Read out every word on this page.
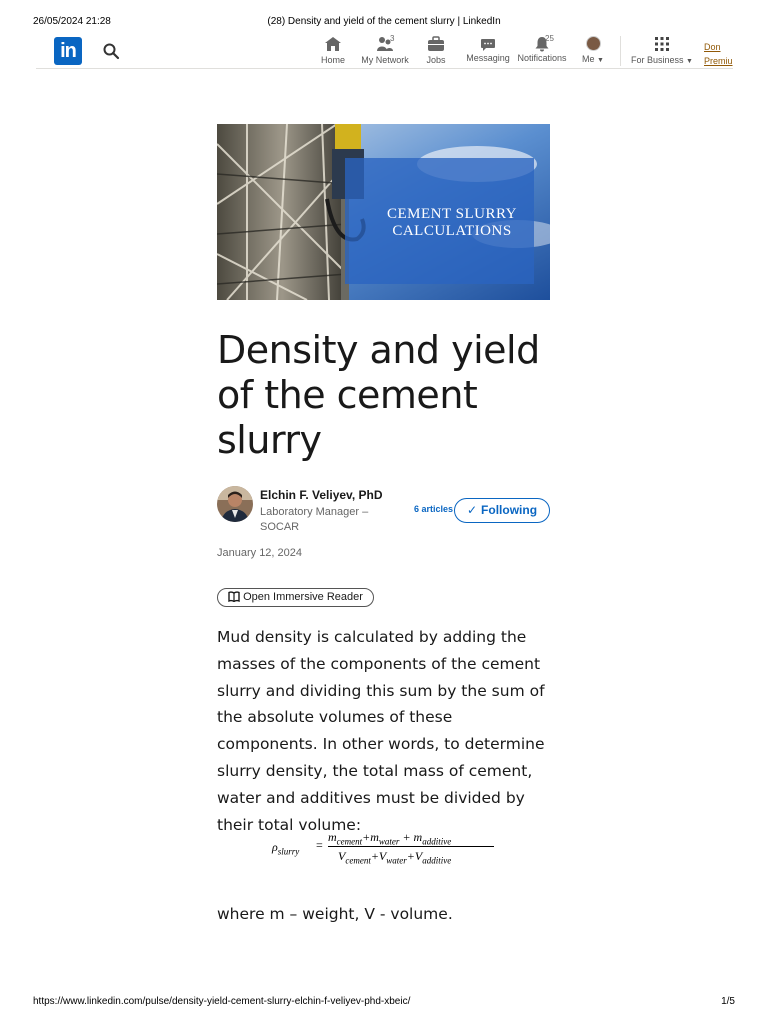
26/05/2024 21:28	(28) Density and yield of the cement slurry | LinkedIn
in	Home
3
My Network	Jobs	Messaging
25
Notifications	Me ▼	For Business ▼
Don
Premiu
CEMENT SLURRY
CALCULATIONS
Density and yield of the cement slurry
Elchin F. Veliyev, PhD
Laboratory Manager – SOCAR
6 articles	✓ Following
January 12, 2024
Open Immersive Reader

Mud density is calculated by adding the masses of the components of the cement slurry and dividing this sum by the sum of the absolute volumes of these components. In other words, to determine slurry density, the total mass of cement, water and additives must be divided by their total volume:

$\rho_{slurry}$ =
$m_{cement}+m_{water} + m_{additive}$
$V_{cement}+V_{water}+V_{additive}$

where m – weight, V - volume.

https://www.linkedin.com/pulse/density-yield-cement-slurry-elchin-f-veliyev-phd-xbeic/	1/5
